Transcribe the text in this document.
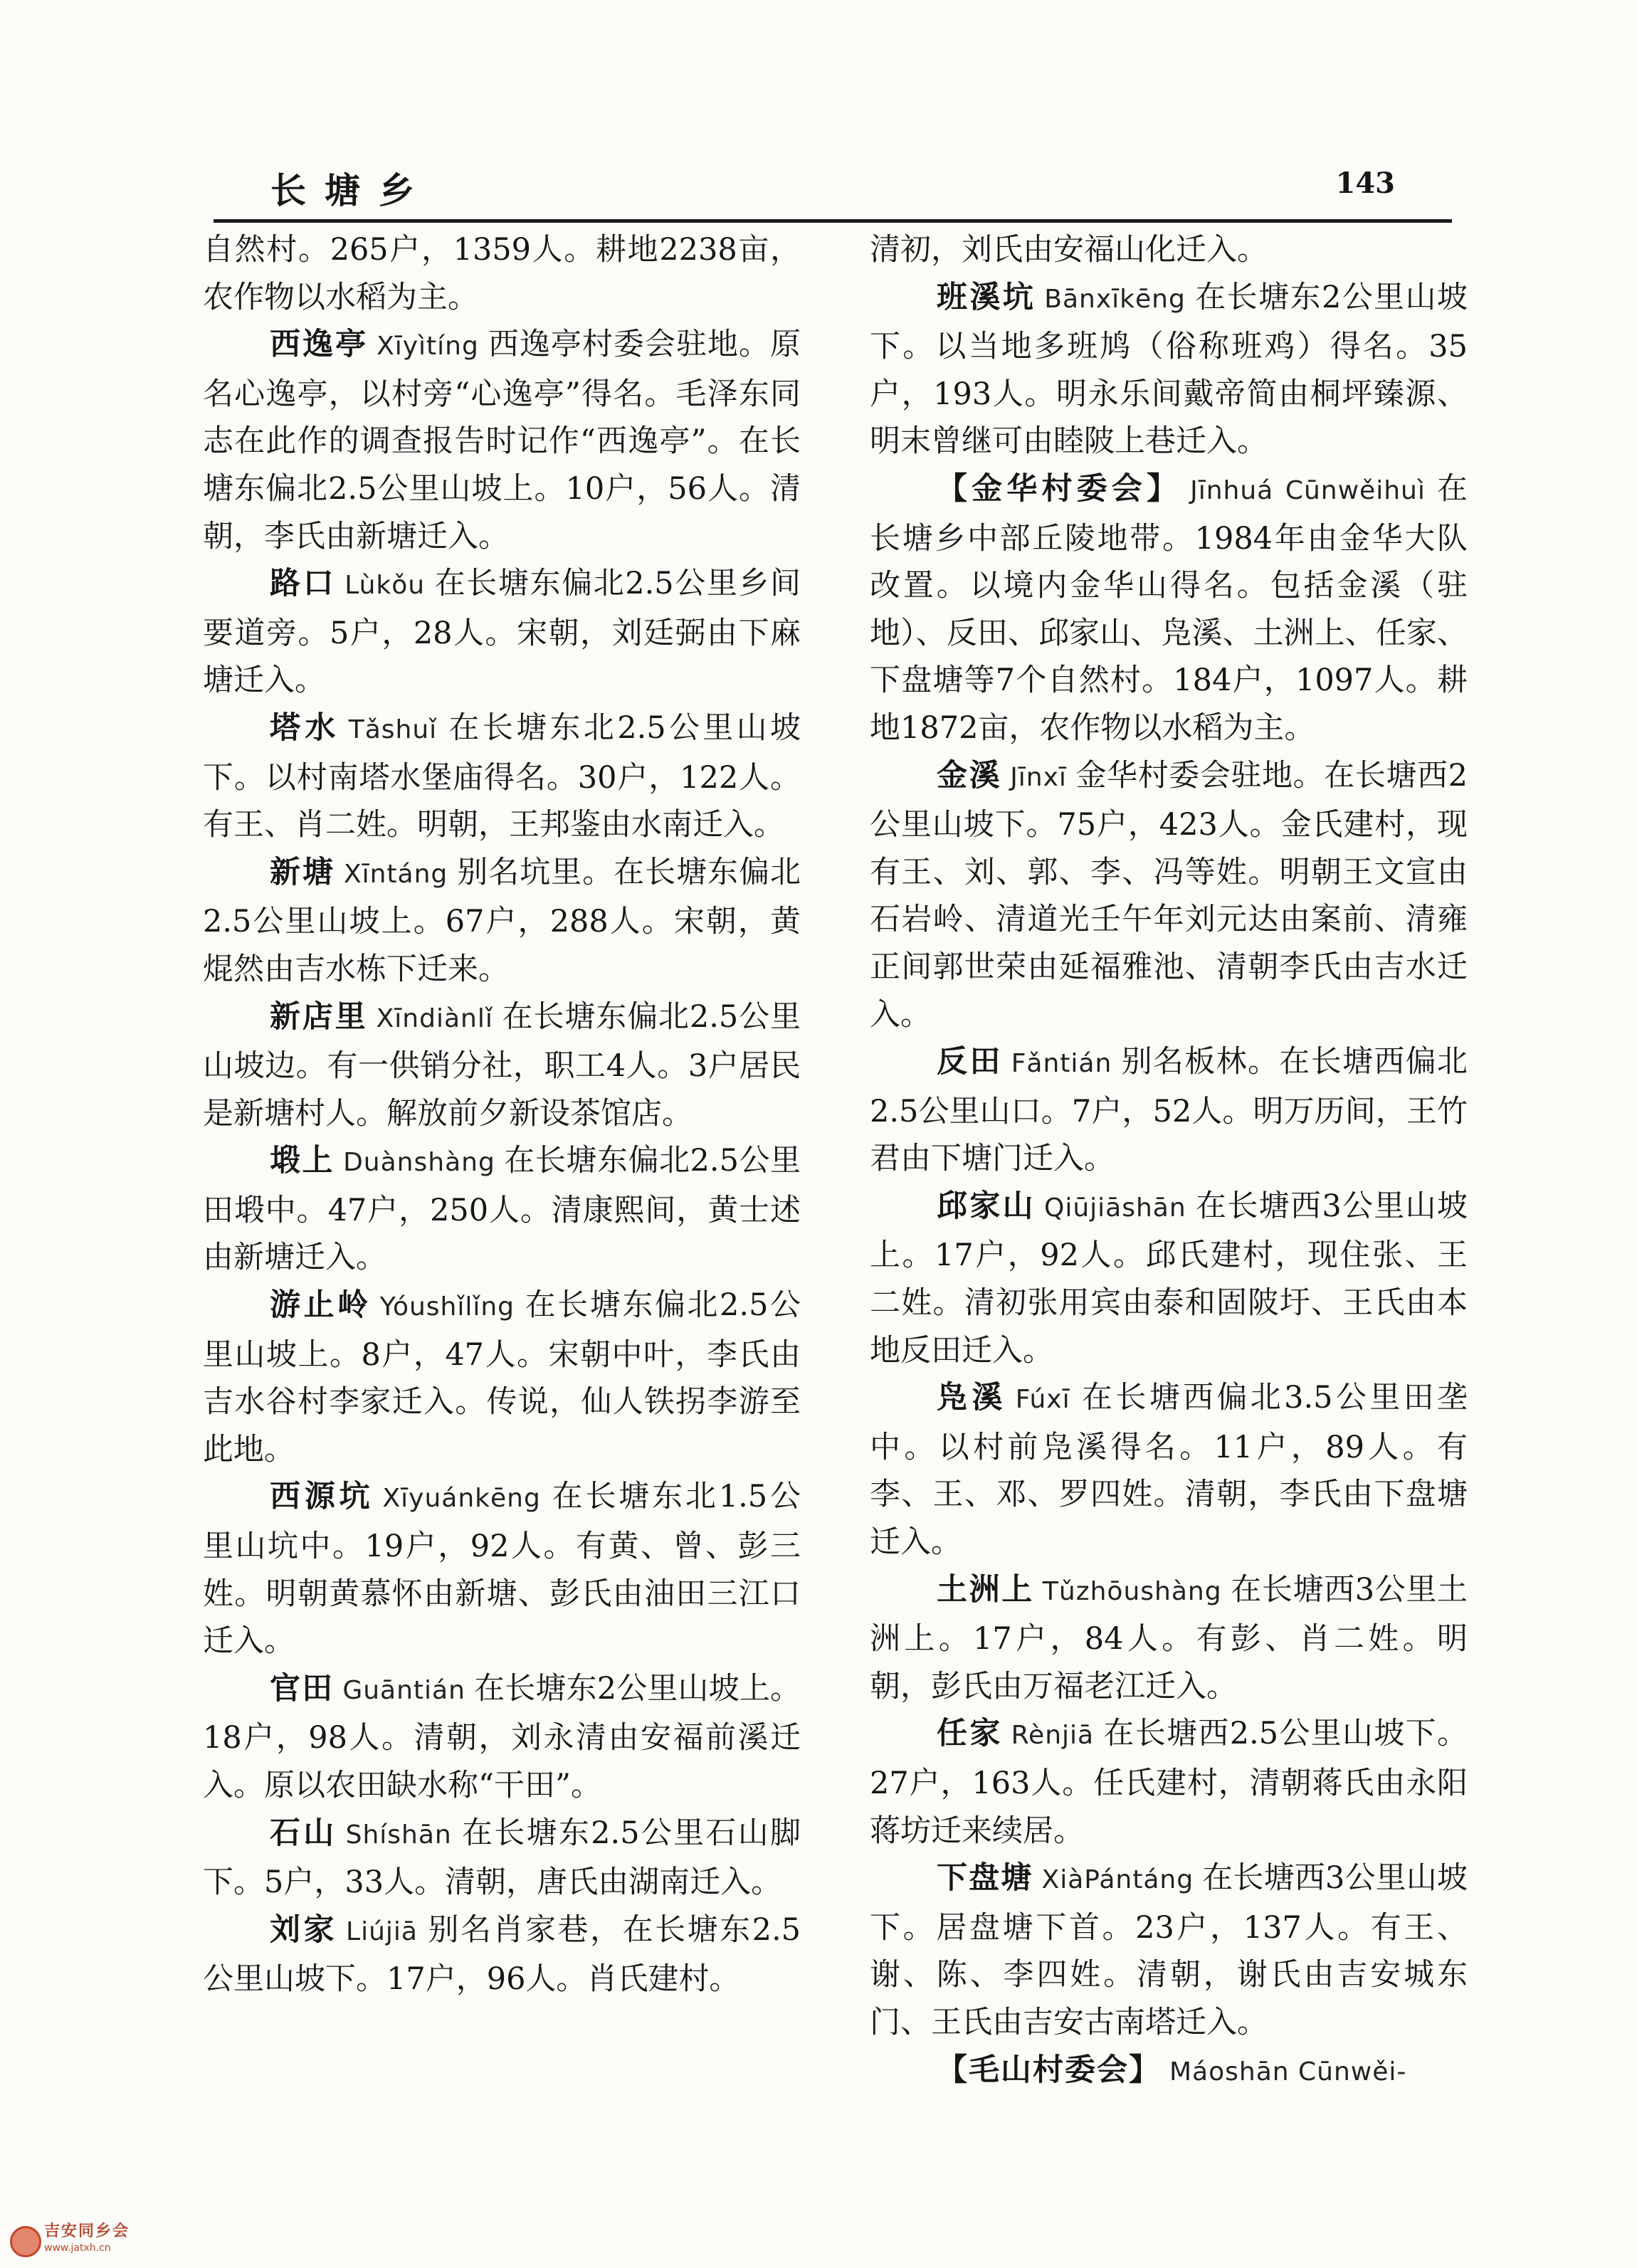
长塘乡	143

自然村。265户，1359人。耕地2238亩，农作物以水稻为主。

西逸亭 Xīyìtíng 西逸亭村委会驻地。原名心逸亭，以村旁“心逸亭”得名。毛泽东同志在此作的调查报告时记作“西逸亭”。在长塘东偏北2.5公里山坡上。10户，56人。清朝，李氏由新塘迁入。

路口 Lùkǒu 在长塘东偏北2.5公里乡间要道旁。5户，28人。宋朝，刘廷弼由下麻塘迁入。

塔水 Tǎshuǐ 在长塘东北2.5公里山坡下。以村南塔水堡庙得名。30户，122人。有王、肖二姓。明朝，王邦鉴由水南迁入。

新塘 Xīntáng 别名坑里。在长塘东偏北2.5公里山坡上。67户，288人。宋朝，黄焜然由吉水栋下迁来。

新店里 Xīndiànlǐ 在长塘东偏北2.5公里山坡边。有一供销分社，职工4人。3户居民是新塘村人。解放前夕新设茶馆店。

塅上 Duànshàng 在长塘东偏北2.5公里田塅中。47户，250人。清康熙间，黄士述由新塘迁入。

游止岭 Yóushǐlǐng 在长塘东偏北2.5公里山坡上。8户，47人。宋朝中叶，李氏由吉水谷村李家迁入。传说，仙人铁拐李游至此地。

西源坑 Xīyuánkēng 在长塘东北1.5公里山坑中。19户，92人。有黄、曾、彭三姓。明朝黄慕怀由新塘、彭氏由油田三江口迁入。

官田 Guāntián 在长塘东2公里山坡上。18户，98人。清朝，刘永清由安福前溪迁入。原以农田缺水称“干田”。

石山 Shíshān 在长塘东2.5公里石山脚下。5户，33人。清朝，唐氏由湖南迁入。

刘家 Liújiā 别名肖家巷，在长塘东2.5公里山坡下。17户，96人。肖氏建村。

清初，刘氏由安福山化迁入。

班溪坑 Bānxīkēng 在长塘东2公里山坡下。以当地多班鸠（俗称班鸡）得名。35户，193人。明永乐间戴帝简由桐坪臻源、明末曾继可由睦陂上巷迁入。

【金华村委会】 Jīnhuá Cūnwěihuì 在长塘乡中部丘陵地带。1984年由金华大队改置。以境内金华山得名。包括金溪（驻地）、反田、邱家山、凫溪、土洲上、任家、下盘塘等7个自然村。184户，1097人。耕地1872亩，农作物以水稻为主。

金溪 Jīnxī 金华村委会驻地。在长塘西2公里山坡下。75户，423人。金氏建村，现有王、刘、郭、李、冯等姓。明朝王文宣由石岩岭、清道光壬午年刘元达由案前、清雍正间郭世荣由延福雅池、清朝李氏由吉水迁入。

反田 Fǎntián 别名板林。在长塘西偏北2.5公里山口。7户，52人。明万历间，王竹君由下塘门迁入。

邱家山 Qiūjiāshān 在长塘西3公里山坡上。17户，92人。邱氏建村，现住张、王二姓。清初张用宾由泰和固陂圩、王氏由本地反田迁入。

凫溪 Fúxī 在长塘西偏北3.5公里田垄中。以村前凫溪得名。11户，89人。有李、王、邓、罗四姓。清朝，李氏由下盘塘迁入。

土洲上 Tǔzhōushàng 在长塘西3公里土洲上。17户，84人。有彭、肖二姓。明朝，彭氏由万福老江迁入。

任家 Rènjiā 在长塘西2.5公里山坡下。27户，163人。任氏建村，清朝蒋氏由永阳蒋坊迁来续居。

下盘塘 XiàPántáng 在长塘西3公里山坡下。居盘塘下首。23户，137人。有王、谢、陈、李四姓。清朝，谢氏由吉安城东门、王氏由吉安古南塔迁入。

【毛山村委会】 Máoshān Cūnwěi-

吉安同乡会
www.jatxh.cn
